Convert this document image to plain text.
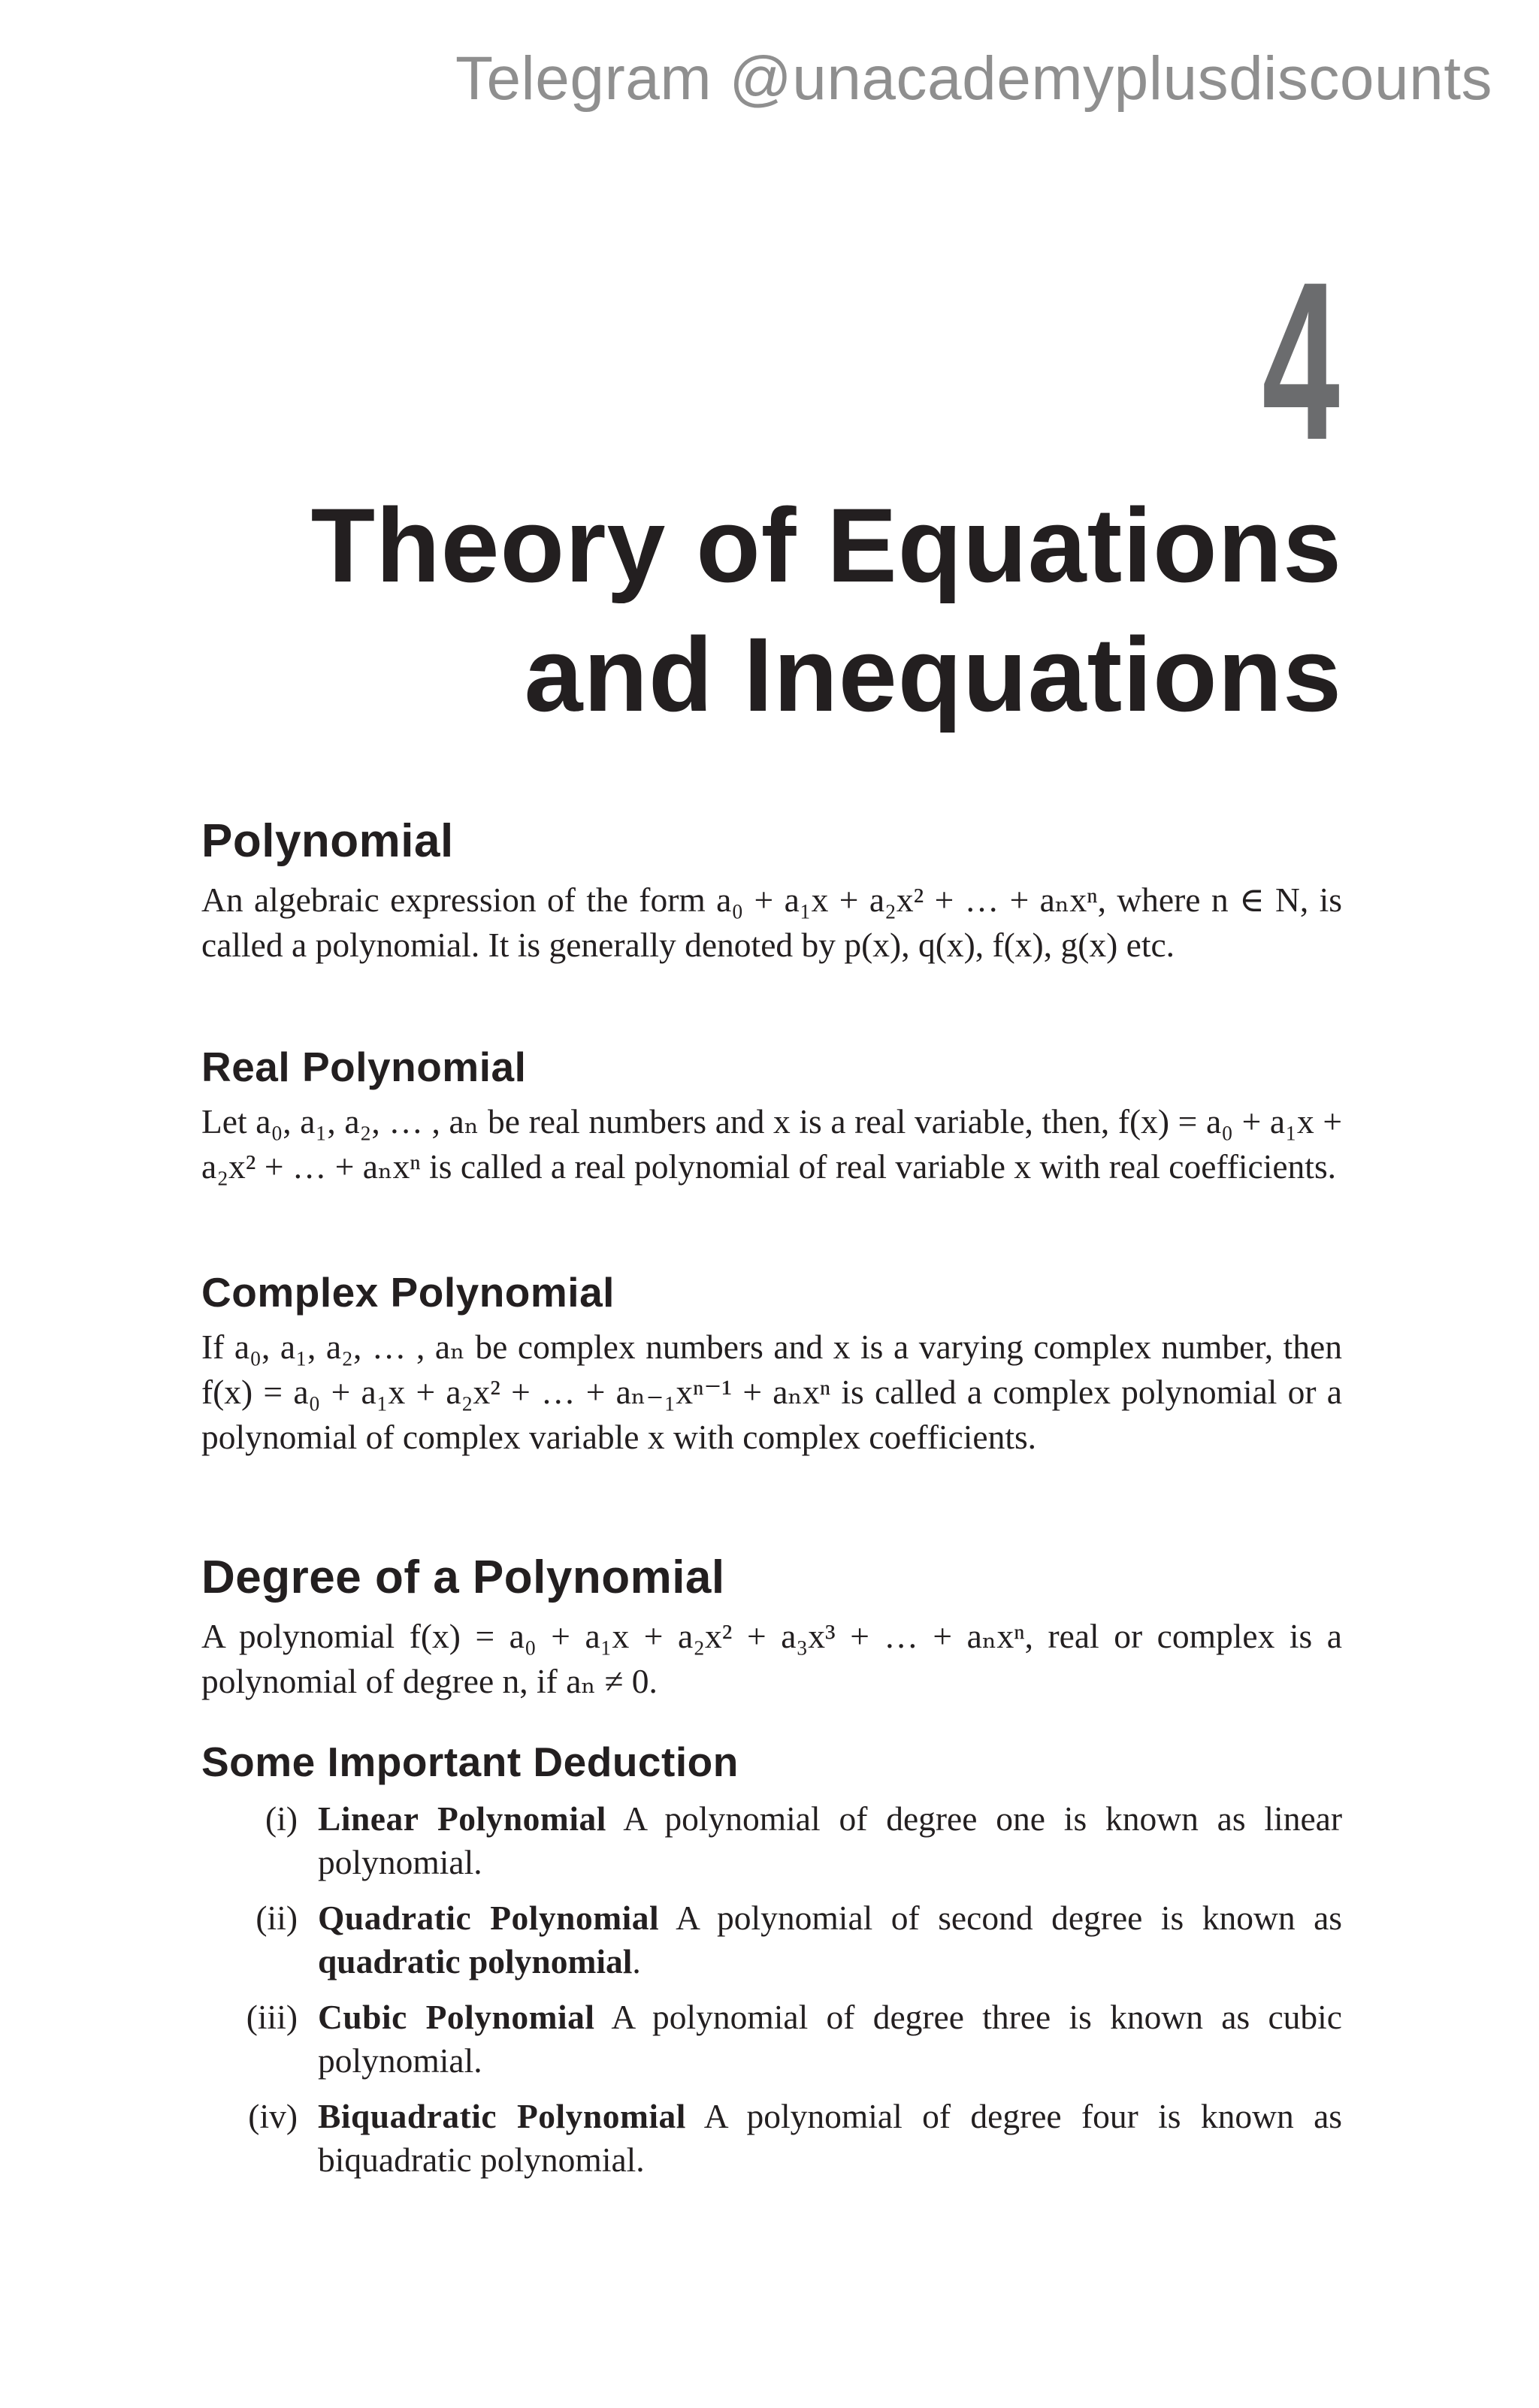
Telegram @unacademyplusdiscounts
4
Theory of Equations
and Inequations
Polynomial

An algebraic expression of the form a₀ + a₁x + a₂x² + … + aₙxⁿ, where n ∈ N, is called a polynomial. It is generally denoted by p(x), q(x), f(x), g(x) etc.

Real Polynomial

Let a₀, a₁, a₂, … , aₙ be real numbers and x is a real variable, then, f(x) = a₀ + a₁x + a₂x² + … + aₙxⁿ is called a real polynomial of real variable x with real coefficients.

Complex Polynomial

If a₀, a₁, a₂, … , aₙ be complex numbers and x is a varying complex number, then f(x) = a₀ + a₁x + a₂x² + … + aₙ₋₁xⁿ⁻¹ + aₙxⁿ is called a complex polynomial or a polynomial of complex variable x with complex coefficients.

Degree of a Polynomial

A polynomial f(x) = a₀ + a₁x + a₂x² + a₃x³ + … + aₙxⁿ, real or complex is a polynomial of degree n, if aₙ ≠ 0.

Some Important Deduction
(i) Linear Polynomial A polynomial of degree one is known as linear polynomial.
(ii) Quadratic Polynomial A polynomial of second degree is known as quadratic polynomial.
(iii) Cubic Polynomial A polynomial of degree three is known as cubic polynomial.
(iv) Biquadratic Polynomial A polynomial of degree four is known as biquadratic polynomial.
